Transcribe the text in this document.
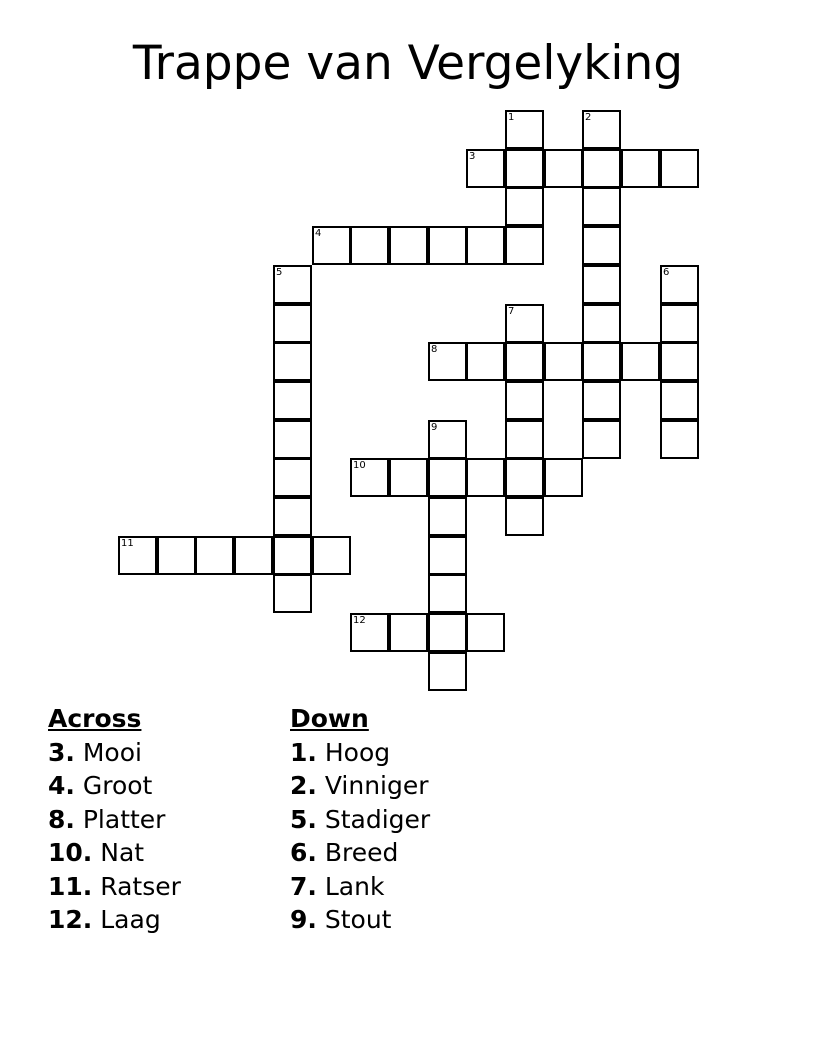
Trappe van Vergelyking
1	2
3
4
5	6
7
8
9
10
11
12
Across
3. Mooi
4. Groot
8. Platter
10. Nat
11. Ratser
12. Laag
Down
1. Hoog
2. Vinniger
5. Stadiger
6. Breed
7. Lank
9. Stout
